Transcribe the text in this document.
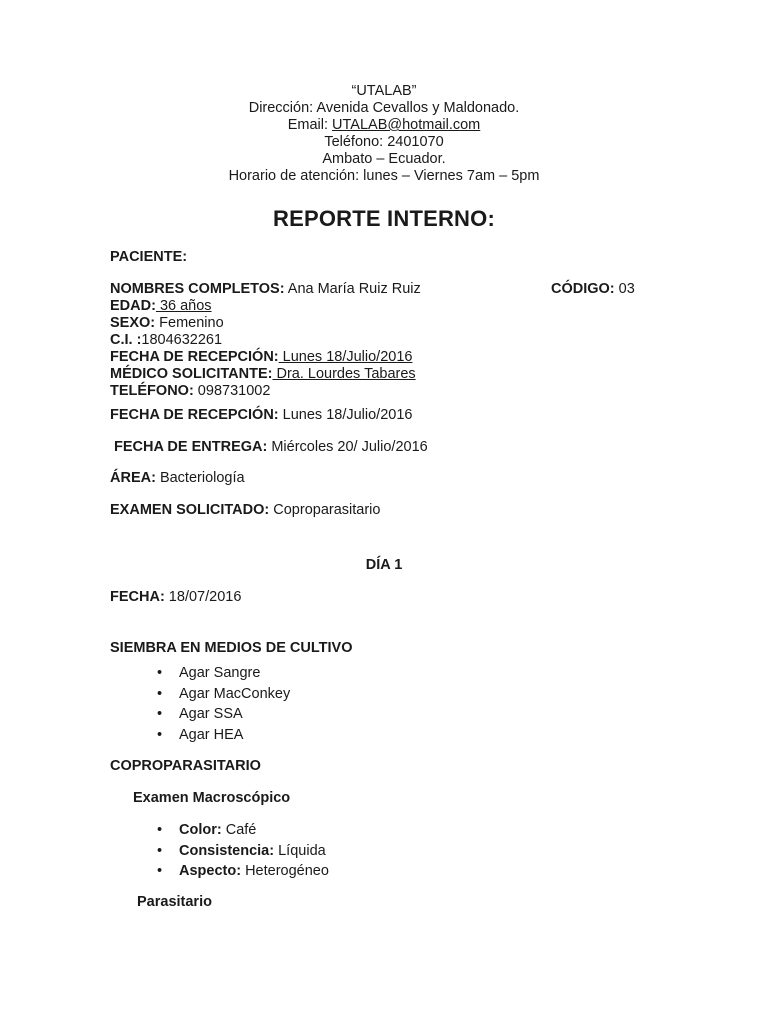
“UTALAB”
Dirección: Avenida Cevallos y Maldonado.
Email: UTALAB@hotmail.com
Teléfono: 2401070
Ambato – Ecuador.
Horario de atención: lunes – Viernes 7am – 5pm
REPORTE INTERNO:
PACIENTE:
NOMBRES COMPLETOS: Ana María Ruiz Ruiz	CÓDIGO: 03
EDAD: 36 años
SEXO: Femenino
C.I. :1804632261
FECHA DE RECEPCIÓN: Lunes 18/Julio/2016
MÉDICO SOLICITANTE: Dra. Lourdes Tabares
TELÉFONO: 098731002
FECHA DE RECEPCIÓN: Lunes 18/Julio/2016
FECHA DE ENTREGA: Miércoles 20/ Julio/2016
ÁREA: Bacteriología
EXAMEN SOLICITADO: Coproparasitario
DÍA 1
FECHA: 18/07/2016
SIEMBRA EN MEDIOS DE CULTIVO
• Agar Sangre
• Agar MacConkey
• Agar SSA
• Agar HEA
COPROPARASITARIO
Examen Macroscópico
• Color: Café
• Consistencia: Líquida
• Aspecto: Heterogéneo
Parasitario
